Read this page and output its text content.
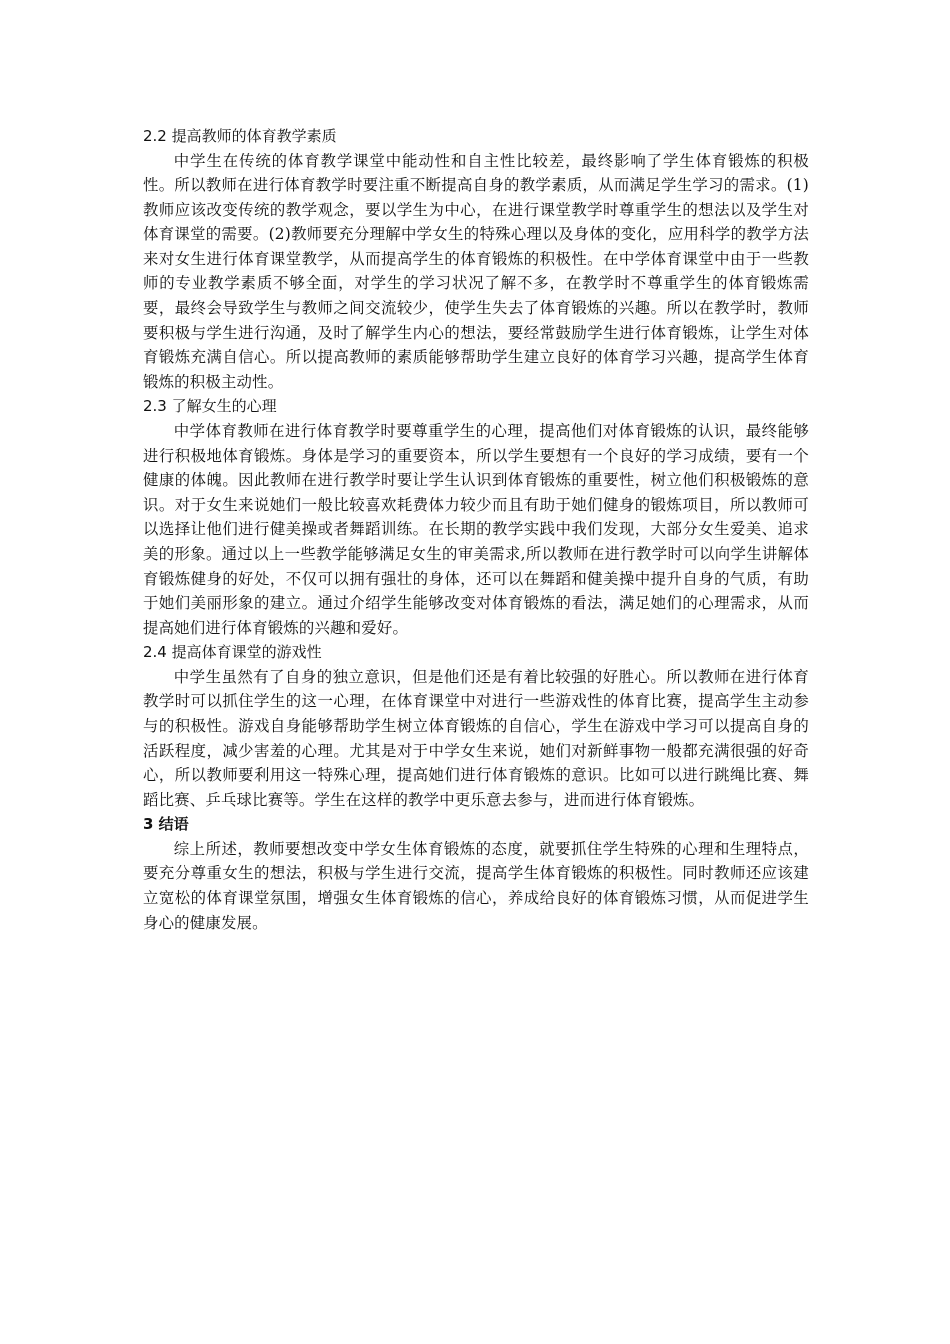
2.2 提高教师的体育教学素质

中学生在传统的体育教学课堂中能动性和自主性比较差，最终影响了学生体育锻炼的积极性。所以教师在进行体育教学时要注重不断提高自身的教学素质，从而满足学生学习的需求。(1)教师应该改变传统的教学观念，要以学生为中心，在进行课堂教学时尊重学生的想法以及学生对体育课堂的需要。(2)教师要充分理解中学女生的特殊心理以及身体的变化，应用科学的教学方法来对女生进行体育课堂教学，从而提高学生的体育锻炼的积极性。在中学体育课堂中由于一些教师的专业教学素质不够全面，对学生的学习状况了解不多，在教学时不尊重学生的体育锻炼需要，最终会导致学生与教师之间交流较少，使学生失去了体育锻炼的兴趣。所以在教学时，教师要积极与学生进行沟通，及时了解学生内心的想法，要经常鼓励学生进行体育锻炼，让学生对体育锻炼充满自信心。所以提高教师的素质能够帮助学生建立良好的体育学习兴趣，提高学生体育锻炼的积极主动性。

2.3 了解女生的心理

中学体育教师在进行体育教学时要尊重学生的心理，提高他们对体育锻炼的认识，最终能够进行积极地体育锻炼。身体是学习的重要资本，所以学生要想有一个良好的学习成绩，要有一个健康的体魄。因此教师在进行教学时要让学生认识到体育锻炼的重要性，树立他们积极锻炼的意识。对于女生来说她们一般比较喜欢耗费体力较少而且有助于她们健身的锻炼项目，所以教师可以选择让他们进行健美操或者舞蹈训练。在长期的教学实践中我们发现，大部分女生爱美、追求美的形象。通过以上一些教学能够满足女生的审美需求,所以教师在进行教学时可以向学生讲解体育锻炼健身的好处，不仅可以拥有强壮的身体，还可以在舞蹈和健美操中提升自身的气质，有助于她们美丽形象的建立。通过介绍学生能够改变对体育锻炼的看法，满足她们的心理需求，从而提高她们进行体育锻炼的兴趣和爱好。

2.4 提高体育课堂的游戏性

中学生虽然有了自身的独立意识，但是他们还是有着比较强的好胜心。所以教师在进行体育教学时可以抓住学生的这一心理，在体育课堂中对进行一些游戏性的体育比赛，提高学生主动参与的积极性。游戏自身能够帮助学生树立体育锻炼的自信心，学生在游戏中学习可以提高自身的活跃程度，减少害羞的心理。尤其是对于中学女生来说，她们对新鲜事物一般都充满很强的好奇心，所以教师要利用这一特殊心理，提高她们进行体育锻炼的意识。比如可以进行跳绳比赛、舞蹈比赛、乒乓球比赛等。学生在这样的教学中更乐意去参与，进而进行体育锻炼。

3 结语

综上所述，教师要想改变中学女生体育锻炼的态度，就要抓住学生特殊的心理和生理特点，要充分尊重女生的想法，积极与学生进行交流，提高学生体育锻炼的积极性。同时教师还应该建立宽松的体育课堂氛围，增强女生体育锻炼的信心，养成给良好的体育锻炼习惯，从而促进学生身心的健康发展。
